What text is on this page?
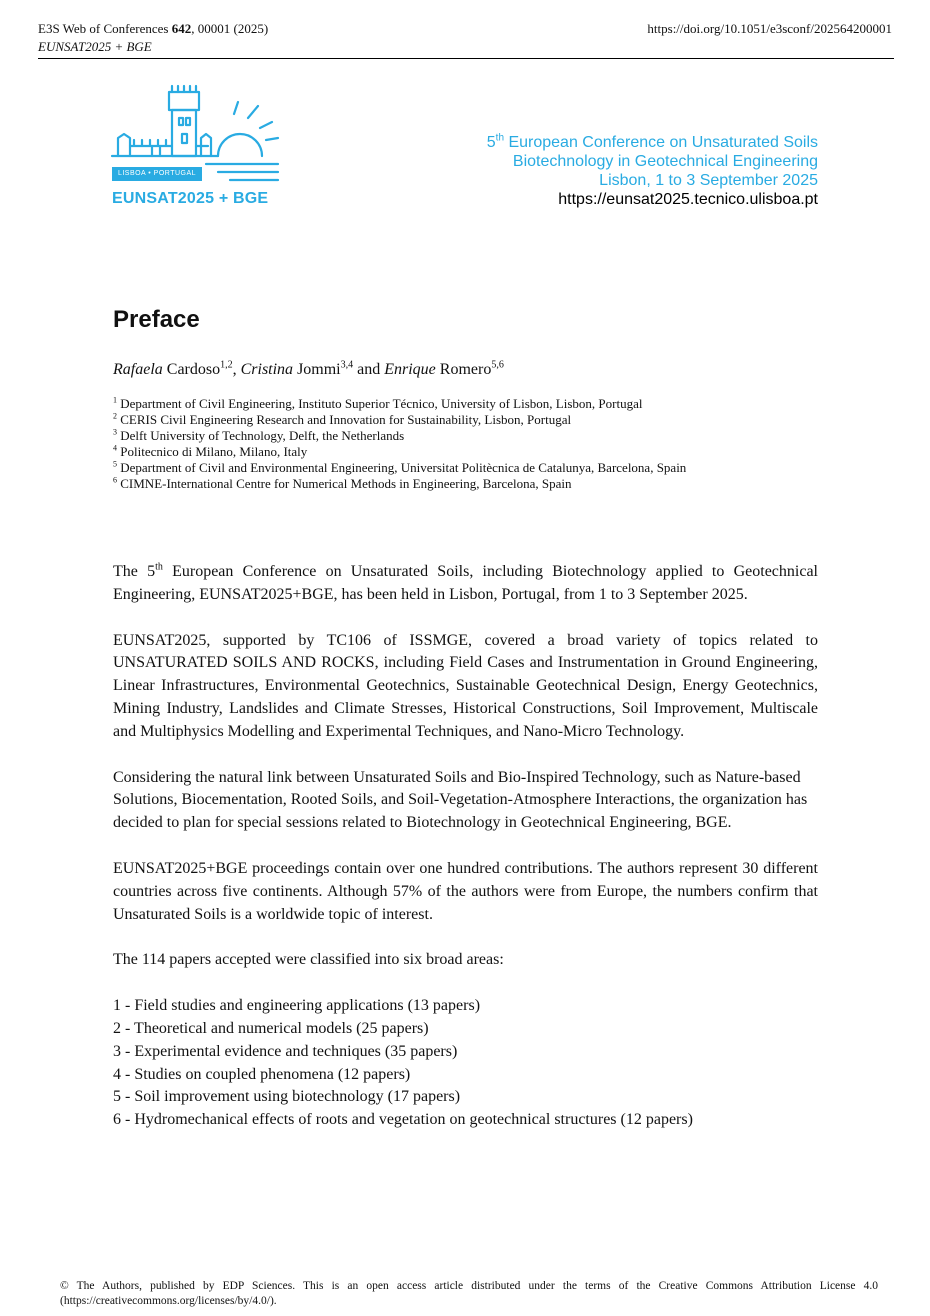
E3S Web of Conferences 642, 00001 (2025)
EUNSAT2025 + BGE
https://doi.org/10.1051/e3sconf/202564200001
LISBOA • PORTUGAL
EUNSAT2025 + BGE
5th European Conference on Unsaturated Soils
Biotechnology in Geotechnical Engineering
Lisbon, 1 to 3 September 2025
https://eunsat2025.tecnico.ulisboa.pt
Preface
Rafaela Cardoso$^{1,2}$, Cristina Jommi$^{3,4}$ and Enrique Romero$^{5,6}$
$^1$ Department of Civil Engineering, Instituto Superior Técnico, University of Lisbon, Lisbon, Portugal
$^2$ CERIS Civil Engineering Research and Innovation for Sustainability, Lisbon, Portugal
$^3$ Delft University of Technology, Delft, the Netherlands
$^4$ Politecnico di Milano, Milano, Italy
$^5$ Department of Civil and Environmental Engineering, Universitat Politècnica de Catalunya, Barcelona, Spain
$^6$ CIMNE-International Centre for Numerical Methods in Engineering, Barcelona, Spain

The 5th European Conference on Unsaturated Soils, including Biotechnology applied to Geotechnical Engineering, EUNSAT2025+BGE, has been held in Lisbon, Portugal, from 1 to 3 September 2025.

EUNSAT2025, supported by TC106 of ISSMGE, covered a broad variety of topics related to UNSATURATED SOILS AND ROCKS, including Field Cases and Instrumentation in Ground Engineering, Linear Infrastructures, Environmental Geotechnics, Sustainable Geotechnical Design, Energy Geotechnics, Mining Industry, Landslides and Climate Stresses, Historical Constructions, Soil Improvement, Multiscale and Multiphysics Modelling and Experimental Techniques, and Nano-Micro Technology.

Considering the natural link between Unsaturated Soils and Bio-Inspired Technology, such as Nature-based Solutions, Biocementation, Rooted Soils, and Soil-Vegetation-Atmosphere Interactions, the organization has decided to plan for special sessions related to Biotechnology in Geotechnical Engineering, BGE.

EUNSAT2025+BGE proceedings contain over one hundred contributions. The authors represent 30 different countries across five continents. Although 57% of the authors were from Europe, the numbers confirm that Unsaturated Soils is a worldwide topic of interest.

The 114 papers accepted were classified into six broad areas:

1 - Field studies and engineering applications (13 papers)
2 - Theoretical and numerical models (25 papers)
3 - Experimental evidence and techniques (35 papers)
4 - Studies on coupled phenomena (12 papers)
5 - Soil improvement using biotechnology (17 papers)
6 - Hydromechanical effects of roots and vegetation on geotechnical structures (12 papers)
© The Authors, published by EDP Sciences. This is an open access article distributed under the terms of the Creative Commons Attribution License 4.0 (https://creativecommons.org/licenses/by/4.0/).
